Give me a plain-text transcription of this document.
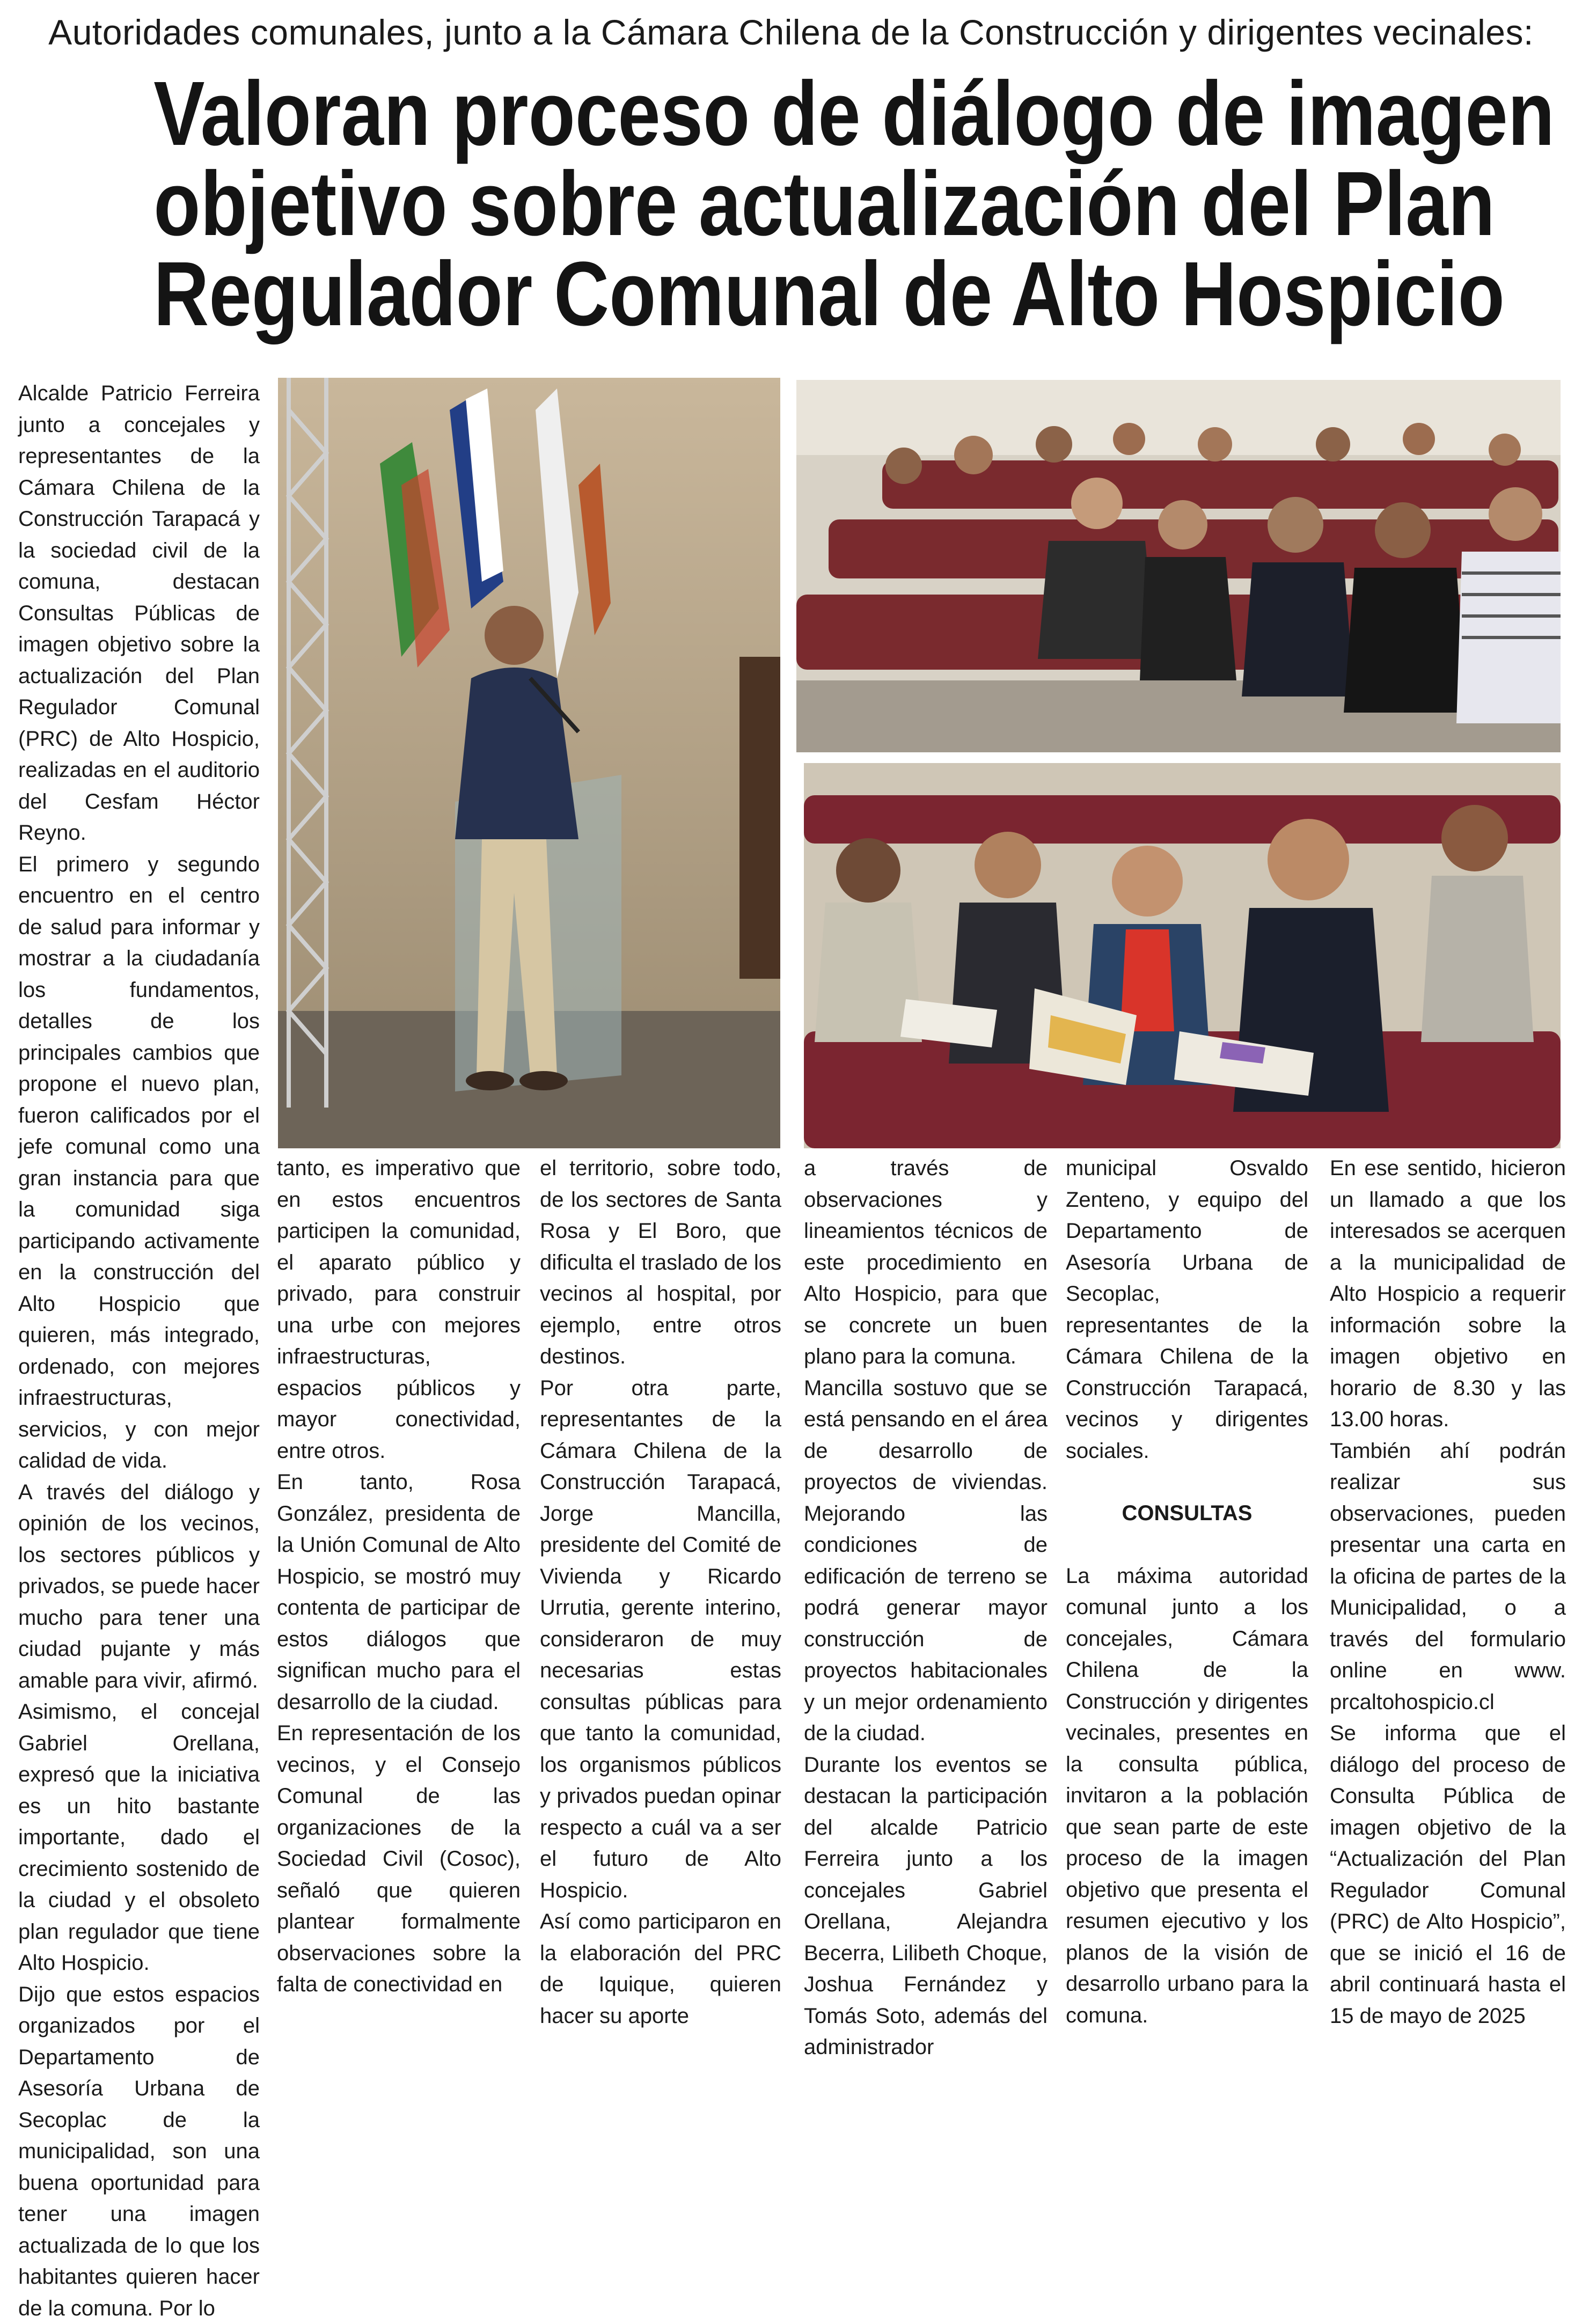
Autoridades comunales, junto a la Cámara Chilena de la Construcción y dirigentes vecinales:
Valoran proceso de diálogo de imagen
objetivo sobre actualización del Plan
Regulador Comunal de Alto Hospicio

Alcalde Patricio Ferreira junto a concejales y representantes de la Cámara Chilena de la Construcción Tarapacá y la sociedad civil de la comuna, destacan Consultas Públicas de imagen objetivo sobre la actualización del Plan Regulador Comunal (PRC) de Alto Hospicio, realizadas en el auditorio del Cesfam Héctor Reyno.

El primero y segundo encuentro en el centro de salud para informar y mostrar a la ciudadanía los fundamentos, detalles de los principales cambios que propone el nuevo plan, fueron calificados por el jefe comunal como una gran instancia para que la comunidad siga participando activamente en la construcción del Alto Hospicio que quieren, más integrado, ordenado, con mejores infraestructuras, servicios, y con mejor calidad de vida.

A través del diálogo y opinión de los vecinos, los sectores públicos y privados, se puede hacer mucho para tener una ciudad pujante y más amable para vivir, afirmó.

Asimismo, el concejal Gabriel Orellana, expresó que la iniciativa es un hito bastante importante, dado el crecimiento sostenido de la ciudad y el obsoleto plan regulador que tiene Alto Hospicio.

Dijo que estos espacios organizados por el Departamento de Asesoría Urbana de Secoplac de la municipalidad, son una buena oportunidad para tener una imagen actualizada de lo que los habitantes quieren hacer de la comuna. Por lo

tanto, es imperativo que en estos encuentros participen la comunidad, el aparato público y privado, para construir una urbe con mejores infraestructuras, espacios públicos y mayor conectividad, entre otros.

En tanto, Rosa González, presidenta de la Unión Comunal de Alto Hospicio, se mostró muy contenta de participar de estos diálogos que significan mucho para el desarrollo de la ciudad.

En representación de los vecinos, y el Consejo Comunal de las organizaciones de la Sociedad Civil (Cosoc), señaló que quieren plantear formalmente observaciones sobre la falta de conectividad en

el territorio, sobre todo, de los sectores de Santa Rosa y El Boro, que dificulta el traslado de los vecinos al hospital, por ejemplo, entre otros destinos.

Por otra parte, representantes de la Cámara Chilena de la Construcción Tarapacá, Jorge Mancilla, presidente del Comité de Vivienda y Ricardo Urrutia, gerente interino, consideraron de muy necesarias estas consultas públicas para que tanto la comunidad, los organismos públicos y privados puedan opinar respecto a cuál va a ser el futuro de Alto Hospicio.

Así como participaron en la elaboración del PRC de Iquique, quieren hacer su aporte

a través de observaciones y lineamientos técnicos de este procedimiento en Alto Hospicio, para que se concrete un buen plano para la comuna.

Mancilla sostuvo que se está pensando en el área de desarrollo de proyectos de viviendas. Mejorando las condiciones de edificación de terreno se podrá generar mayor construcción de proyectos habitacionales y un mejor ordenamiento de la ciudad.

Durante los eventos se destacan la participación del alcalde Patricio Ferreira junto a los concejales Gabriel Orellana, Alejandra Becerra, Lilibeth Choque, Joshua Fernández y Tomás Soto, además del administrador

municipal Osvaldo Zenteno, y equipo del Departamento de Asesoría Urbana de Secoplac, representantes de la Cámara Chilena de la Construcción Tarapacá, vecinos y dirigentes sociales.

CONSULTAS

La máxima autoridad comunal junto a los concejales, Cámara Chilena de la Construcción y dirigentes vecinales, presentes en la consulta pública, invitaron a la población que sean parte de este proceso de la imagen objetivo que presenta el resumen ejecutivo y los planos de la visión de desarrollo urbano para la comuna.

En ese sentido, hicieron un llamado a que los interesados se acerquen a la municipalidad de Alto Hospicio a requerir información sobre la imagen objetivo en horario de 8.30 y las 13.00 horas.

También ahí podrán realizar sus observaciones, pueden presentar una carta en la oficina de partes de la Municipalidad, o a través del formulario online en www. prcaltohospicio.cl

Se informa que el diálogo del proceso de Consulta Pública de imagen objetivo de la “Actualización del Plan Regulador Comunal (PRC) de Alto Hospicio”, que se inició el 16 de abril continuará hasta el 15 de mayo de 2025
